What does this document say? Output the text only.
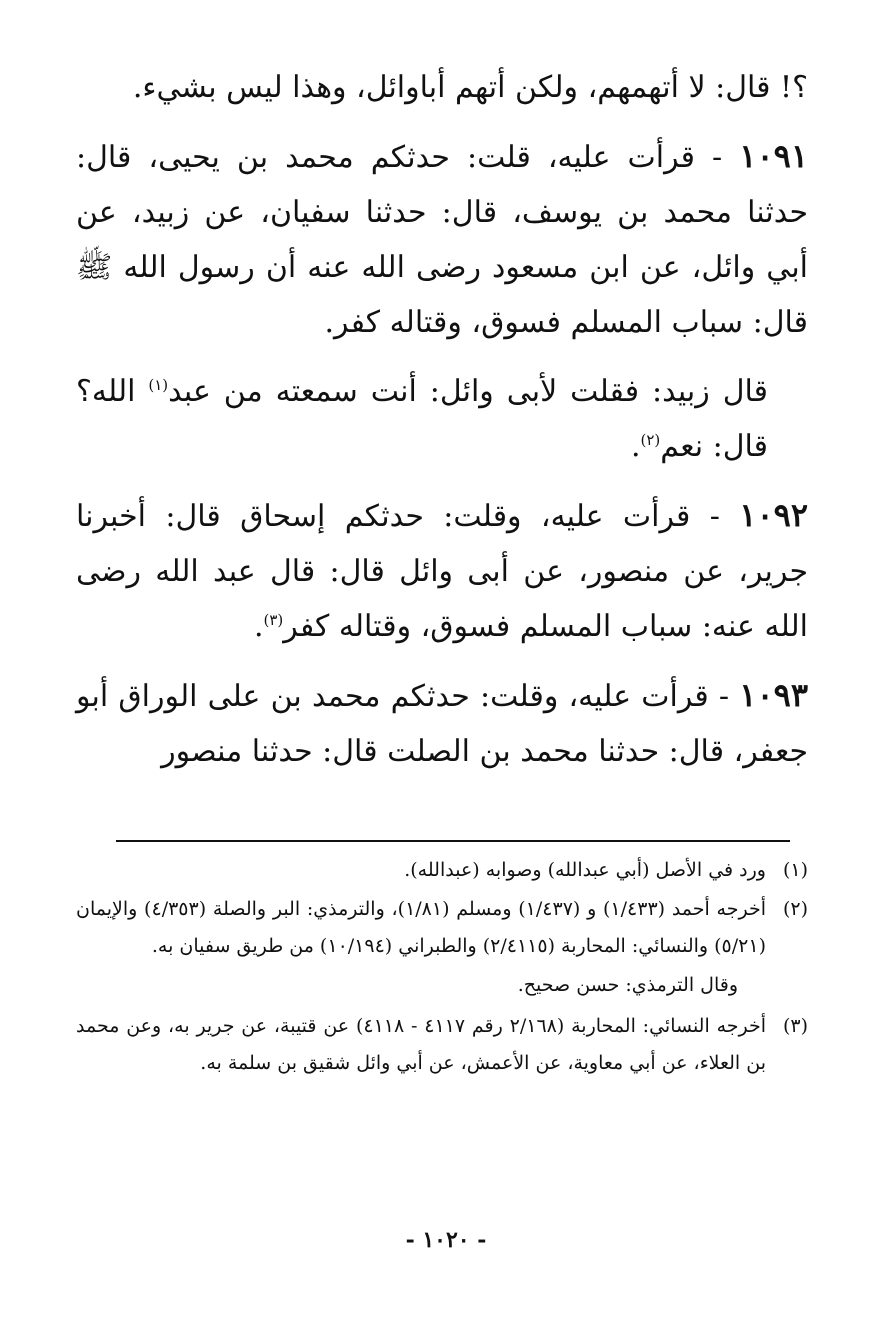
؟! قال: لا أتهمهم، ولكن أتهم أباوائل، وهذا ليس بشيء.

١٠٩١ - قرأت عليه، قلت: حدثكم محمد بن يحيى، قال: حدثنا محمد بن يوسف، قال: حدثنا سفيان، عن زبيد، عن أبي وائل، عن ابن مسعود رضى الله عنه أن رسول الله ﷺ قال: سباب المسلم فسوق، وقتاله كفر.

قال زبيد: فقلت لأبى وائل: أنت سمعته من عبد$^{(١)}$ الله؟ قال: نعم$^{(٢)}$.

١٠٩٢ - قرأت عليه، وقلت: حدثكم إسحاق قال: أخبرنا جرير، عن منصور، عن أبى وائل قال: قال عبد الله رضى الله عنه: سباب المسلم فسوق، وقتاله كفر$^{(٣)}$.

١٠٩٣ - قرأت عليه، وقلت: حدثكم محمد بن على الوراق أبو جعفر، قال: حدثنا محمد بن الصلت قال: حدثنا منصور

(١)
ورد في الأصل (أبي عبدالله) وصوابه (عبدالله).

(٢)
أخرجه أحمد (١/٤٣٣) و (١/٤٣٧) ومسلم (١/٨١)، والترمذي: البر والصلة (٤/٣٥٣) والإيمان (٥/٢١) والنسائي: المحاربة (٢/٤١١٥) والطبراني (١٠/١٩٤) من طريق سفيان به.

وقال الترمذي: حسن صحيح.

(٣)
أخرجه النسائي: المحاربة (٢/١٦٨ رقم ٤١١٧ - ٤١١٨) عن قتيبة، عن جرير به، وعن محمد بن العلاء، عن أبي معاوية، عن الأعمش، عن أبي وائل شقيق بن سلمة به.

- ١٠٢٠ -
